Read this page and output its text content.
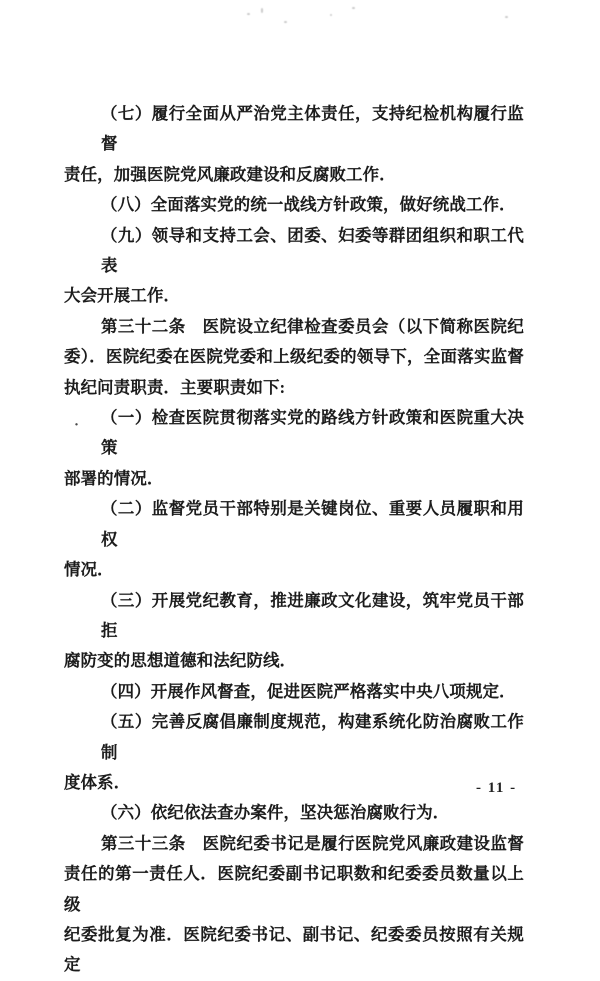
·
（七）履行全面从严治党主体责任，支持纪检机构履行监督
责任，加强医院党风廉政建设和反腐败工作．
（八）全面落实党的统一战线方针政策，做好统战工作．
（九）领导和支持工会、团委、妇委等群团组织和职工代表
大会开展工作．
第三十二条　医院设立纪律检查委员会（以下简称医院纪
委）．医院纪委在医院党委和上级纪委的领导下，全面落实监督
执纪问责职责．主要职责如下:
（一）检查医院贯彻落实党的路线方针政策和医院重大决策
部署的情况．
（二）监督党员干部特别是关键岗位、重要人员履职和用权
情况．
（三）开展党纪教育，推进廉政文化建设，筑牢党员干部拒
腐防变的思想道德和法纪防线．
（四）开展作风督查，促进医院严格落实中央八项规定．
（五）完善反腐倡廉制度规范，构建系统化防治腐败工作制
度体系．
（六）依纪依法查办案件，坚决惩治腐败行为．
第三十三条　医院纪委书记是履行医院党风廉政建设监督
责任的第一责任人．医院纪委副书记职数和纪委委员数量以上级
纪委批复为准．医院纪委书记、副书记、纪委委员按照有关规定
- 11 -
